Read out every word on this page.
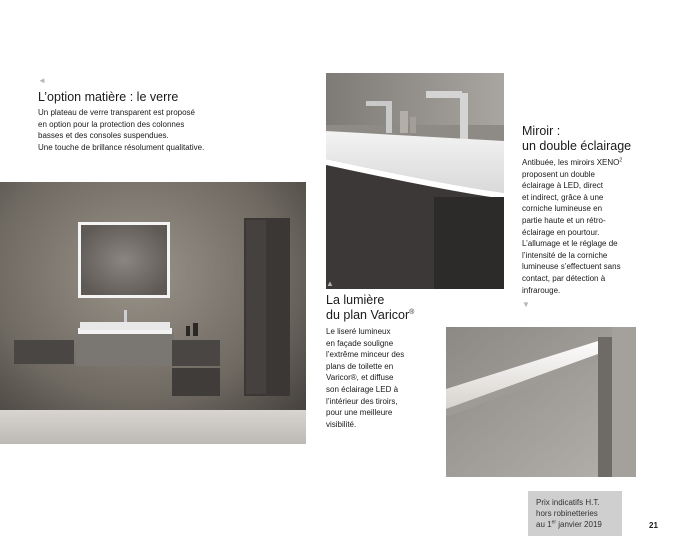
◄
L’option matière : le verre
Un plateau de verre transparent est proposé
en option pour la protection des colonnes
basses et des consoles suspendues.
Une touche de brillance résolument qualitative.
Miroir :
un double éclairage
Antibuée, les miroirs XENO$^2$
proposent un double
éclairage à LED, direct
et indirect, grâce à une
corniche lumineuse en
partie haute et un rétro-
éclairage en pourtour.
L’allumage et le réglage de
l’intensité de la corniche
lumineuse s’effectuent sans
contact, par détection à
infrarouge.
▼
▲
La lumière
du plan Varicor®
Le liseré lumineux
en façade souligne
l’extrême minceur des
plans de toilette en
Varicor®, et diffuse
son éclairage LED à
l’intérieur des tiroirs,
pour une meilleure
visibilité.
Prix indicatifs H.T.
hors robinetteries
au 1er janvier 2019	21
